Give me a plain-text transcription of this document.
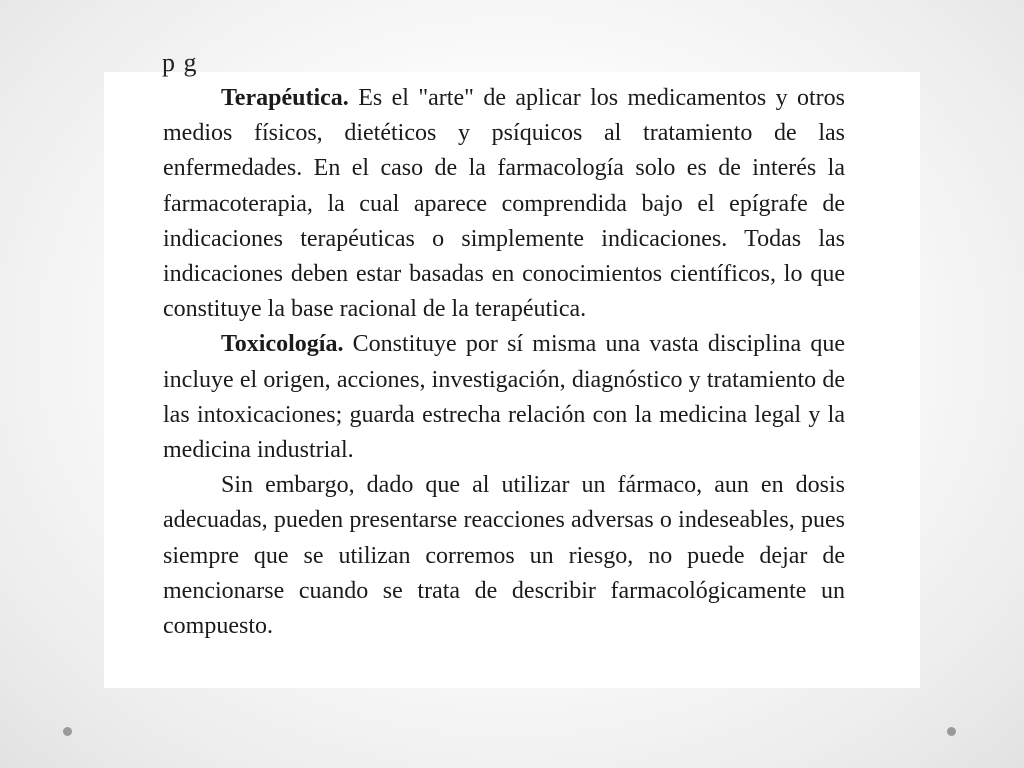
p g

Terapéutica. Es el "arte" de aplicar los medicamentos y otros medios físicos, dietéticos y psíquicos al tratamiento de las enfermedades. En el caso de la farmacología solo es de interés la farmacoterapia, la cual aparece comprendida bajo el epígrafe de indicaciones terapéuticas o simplemente indicaciones. Todas las indicaciones deben estar basadas en conocimientos científicos, lo que constituye la base racional de la terapéutica.

Toxicología. Constituye por sí misma una vasta disciplina que incluye el origen, acciones, investigación, diagnóstico y tratamiento de las intoxicaciones; guarda estrecha relación con la medicina legal y la medicina industrial.

Sin embargo, dado que al utilizar un fármaco, aun en dosis adecuadas, pueden presentarse reacciones adversas o indeseables, pues siempre que se utilizan corremos un riesgo, no puede dejar de mencionarse cuando se trata de describir farmacológicamente un compuesto.
